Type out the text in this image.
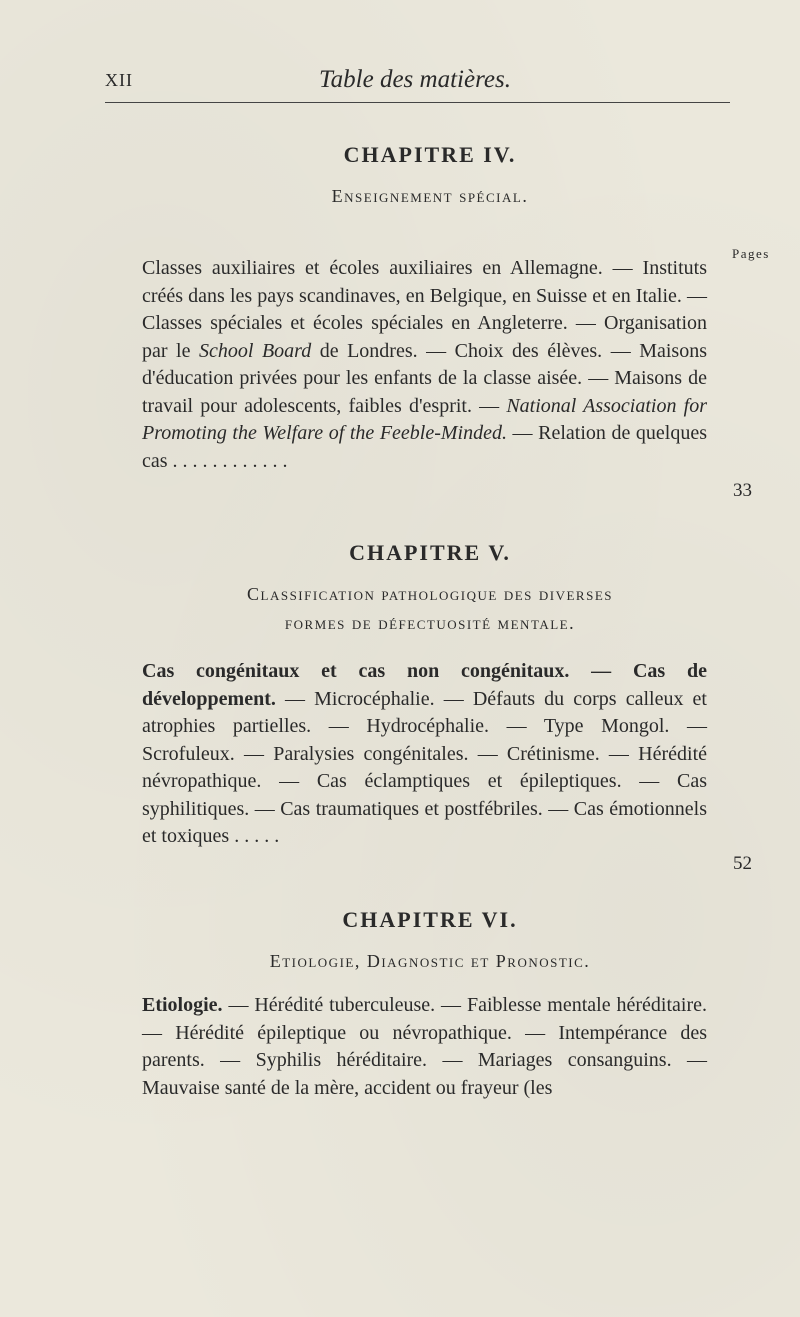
XII	Table des matières.
Pages
CHAPITRE IV.
Enseignement spécial.

Classes auxiliaires et écoles auxiliaires en Allemagne. — Instituts créés dans les pays scandinaves, en Belgique, en Suisse et en Italie. — Classes spéciales et écoles spéciales en Angleterre. — Organisation par le School Board de Londres. — Choix des élèves. — Maisons d'éducation privées pour les enfants de la classe aisée. — Maisons de travail pour adolescents, faibles d'esprit. — National Association for Promoting the Welfare of the Feeble-Minded. — Relation de quelques cas . . . . . . . . . . . .

33
CHAPITRE V.
Classification pathologique des diverses
formes de défectuosité mentale.

Cas congénitaux et cas non congénitaux. — Cas de développement. — Microcéphalie. — Défauts du corps calleux et atrophies partielles. — Hydrocéphalie. — Type Mongol. — Scrofuleux. — Paralysies congénitales. — Crétinisme. — Hérédité névropathique. — Cas éclamptiques et épileptiques. — Cas syphilitiques. — Cas traumatiques et postfébriles. — Cas émotionnels et toxiques . . . . .

52
CHAPITRE VI.
Etiologie, Diagnostic et Pronostic.

Etiologie. — Hérédité tuberculeuse. — Faiblesse mentale héréditaire. — Hérédité épileptique ou névropathique. — Intempérance des parents. — Syphilis héréditaire. — Mariages consanguins. — Mauvaise santé de la mère, accident ou frayeur (les
